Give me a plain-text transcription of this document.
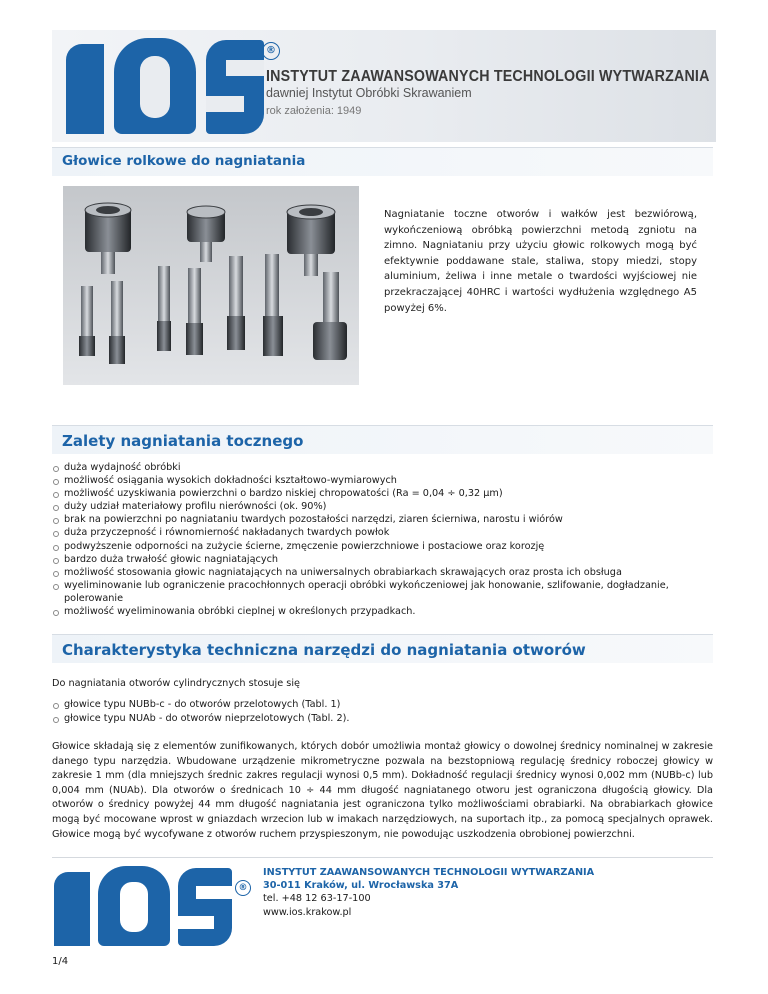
®
INSTYTUT ZAAWANSOWANYCH TECHNOLOGII WYTWARZANIA
dawniej Instytut Obróbki Skrawaniem
rok założenia: 1949
Głowice rolkowe do nagniatania
Nagniatanie toczne otworów i wałków jest bezwiórową, wykończeniową obróbką powierzchni metodą zgniotu na zimno. Nagniataniu przy użyciu głowic rolkowych mogą być efektywnie poddawane stale, staliwa, stopy miedzi, stopy aluminium, żeliwa i inne metale o twardości wyjściowej nie przekraczającej 40HRC i wartości wydłużenia względnego A5 powyżej 6%.
Zalety nagniatania tocznego
duża wydajność obróbki
możliwość osiągania wysokich dokładności kształtowo-wymiarowych
możliwość uzyskiwania powierzchni o bardzo niskiej chropowatości (Ra = 0,04 ÷ 0,32 µm)
duży udział materiałowy profilu nierówności (ok. 90%)
brak na powierzchni po nagniataniu twardych pozostałości narzędzi, ziaren ścierniwa, narostu i wiórów
duża przyczepność i równomierność nakładanych twardych powłok
podwyższenie odporności na zużycie ścierne, zmęczenie powierzchniowe i postaciowe oraz korozję
bardzo duża trwałość głowic nagniatających
możliwość stosowania głowic nagniatających na uniwersalnych obrabiarkach skrawających oraz prosta ich obsługa
wyeliminowanie lub ograniczenie pracochłonnych operacji obróbki wykończeniowej jak honowanie, szlifowanie, dogładzanie, polerowanie
możliwość wyeliminowania obróbki cieplnej w określonych przypadkach.
Charakterystyka techniczna narzędzi do nagniatania otworów
Do nagniatania otworów cylindrycznych stosuje się
głowice typu NUBb-c - do otworów przelotowych (Tabl. 1)
głowice typu NUAb - do otworów nieprzelotowych (Tabl. 2).
Głowice składają się z elementów zunifikowanych, których dobór umożliwia montaż głowicy o dowolnej średnicy nominalnej w zakresie danego typu narzędzia. Wbudowane urządzenie mikrometryczne pozwala na bezstopniową regulację średnicy roboczej głowicy w zakresie 1 mm (dla mniejszych średnic zakres regulacji wynosi 0,5 mm). Dokładność regulacji średnicy wynosi 0,002 mm (NUBb-c) lub 0,004 mm (NUAb). Dla otworów o średnicach 10 ÷ 44 mm długość nagniatanego otworu jest ograniczona długością głowicy. Dla otworów o średnicy powyżej 44 mm długość nagniatania jest ograniczona tylko możliwościami obrabiarki. Na obrabiarkach głowice mogą być mocowane wprost w gniazdach wrzecion lub w imakach narzędziowych, na suportach itp., za pomocą specjalnych oprawek. Głowice mogą być wycofywane z otworów ruchem przyspieszonym, nie powodując uszkodzenia obrobionej powierzchni.
®
INSTYTUT ZAAWANSOWANYCH TECHNOLOGII WYTWARZANIA
30-011 Kraków, ul. Wrocławska 37A
tel. +48 12 63-17-100
www.ios.krakow.pl
1/4
